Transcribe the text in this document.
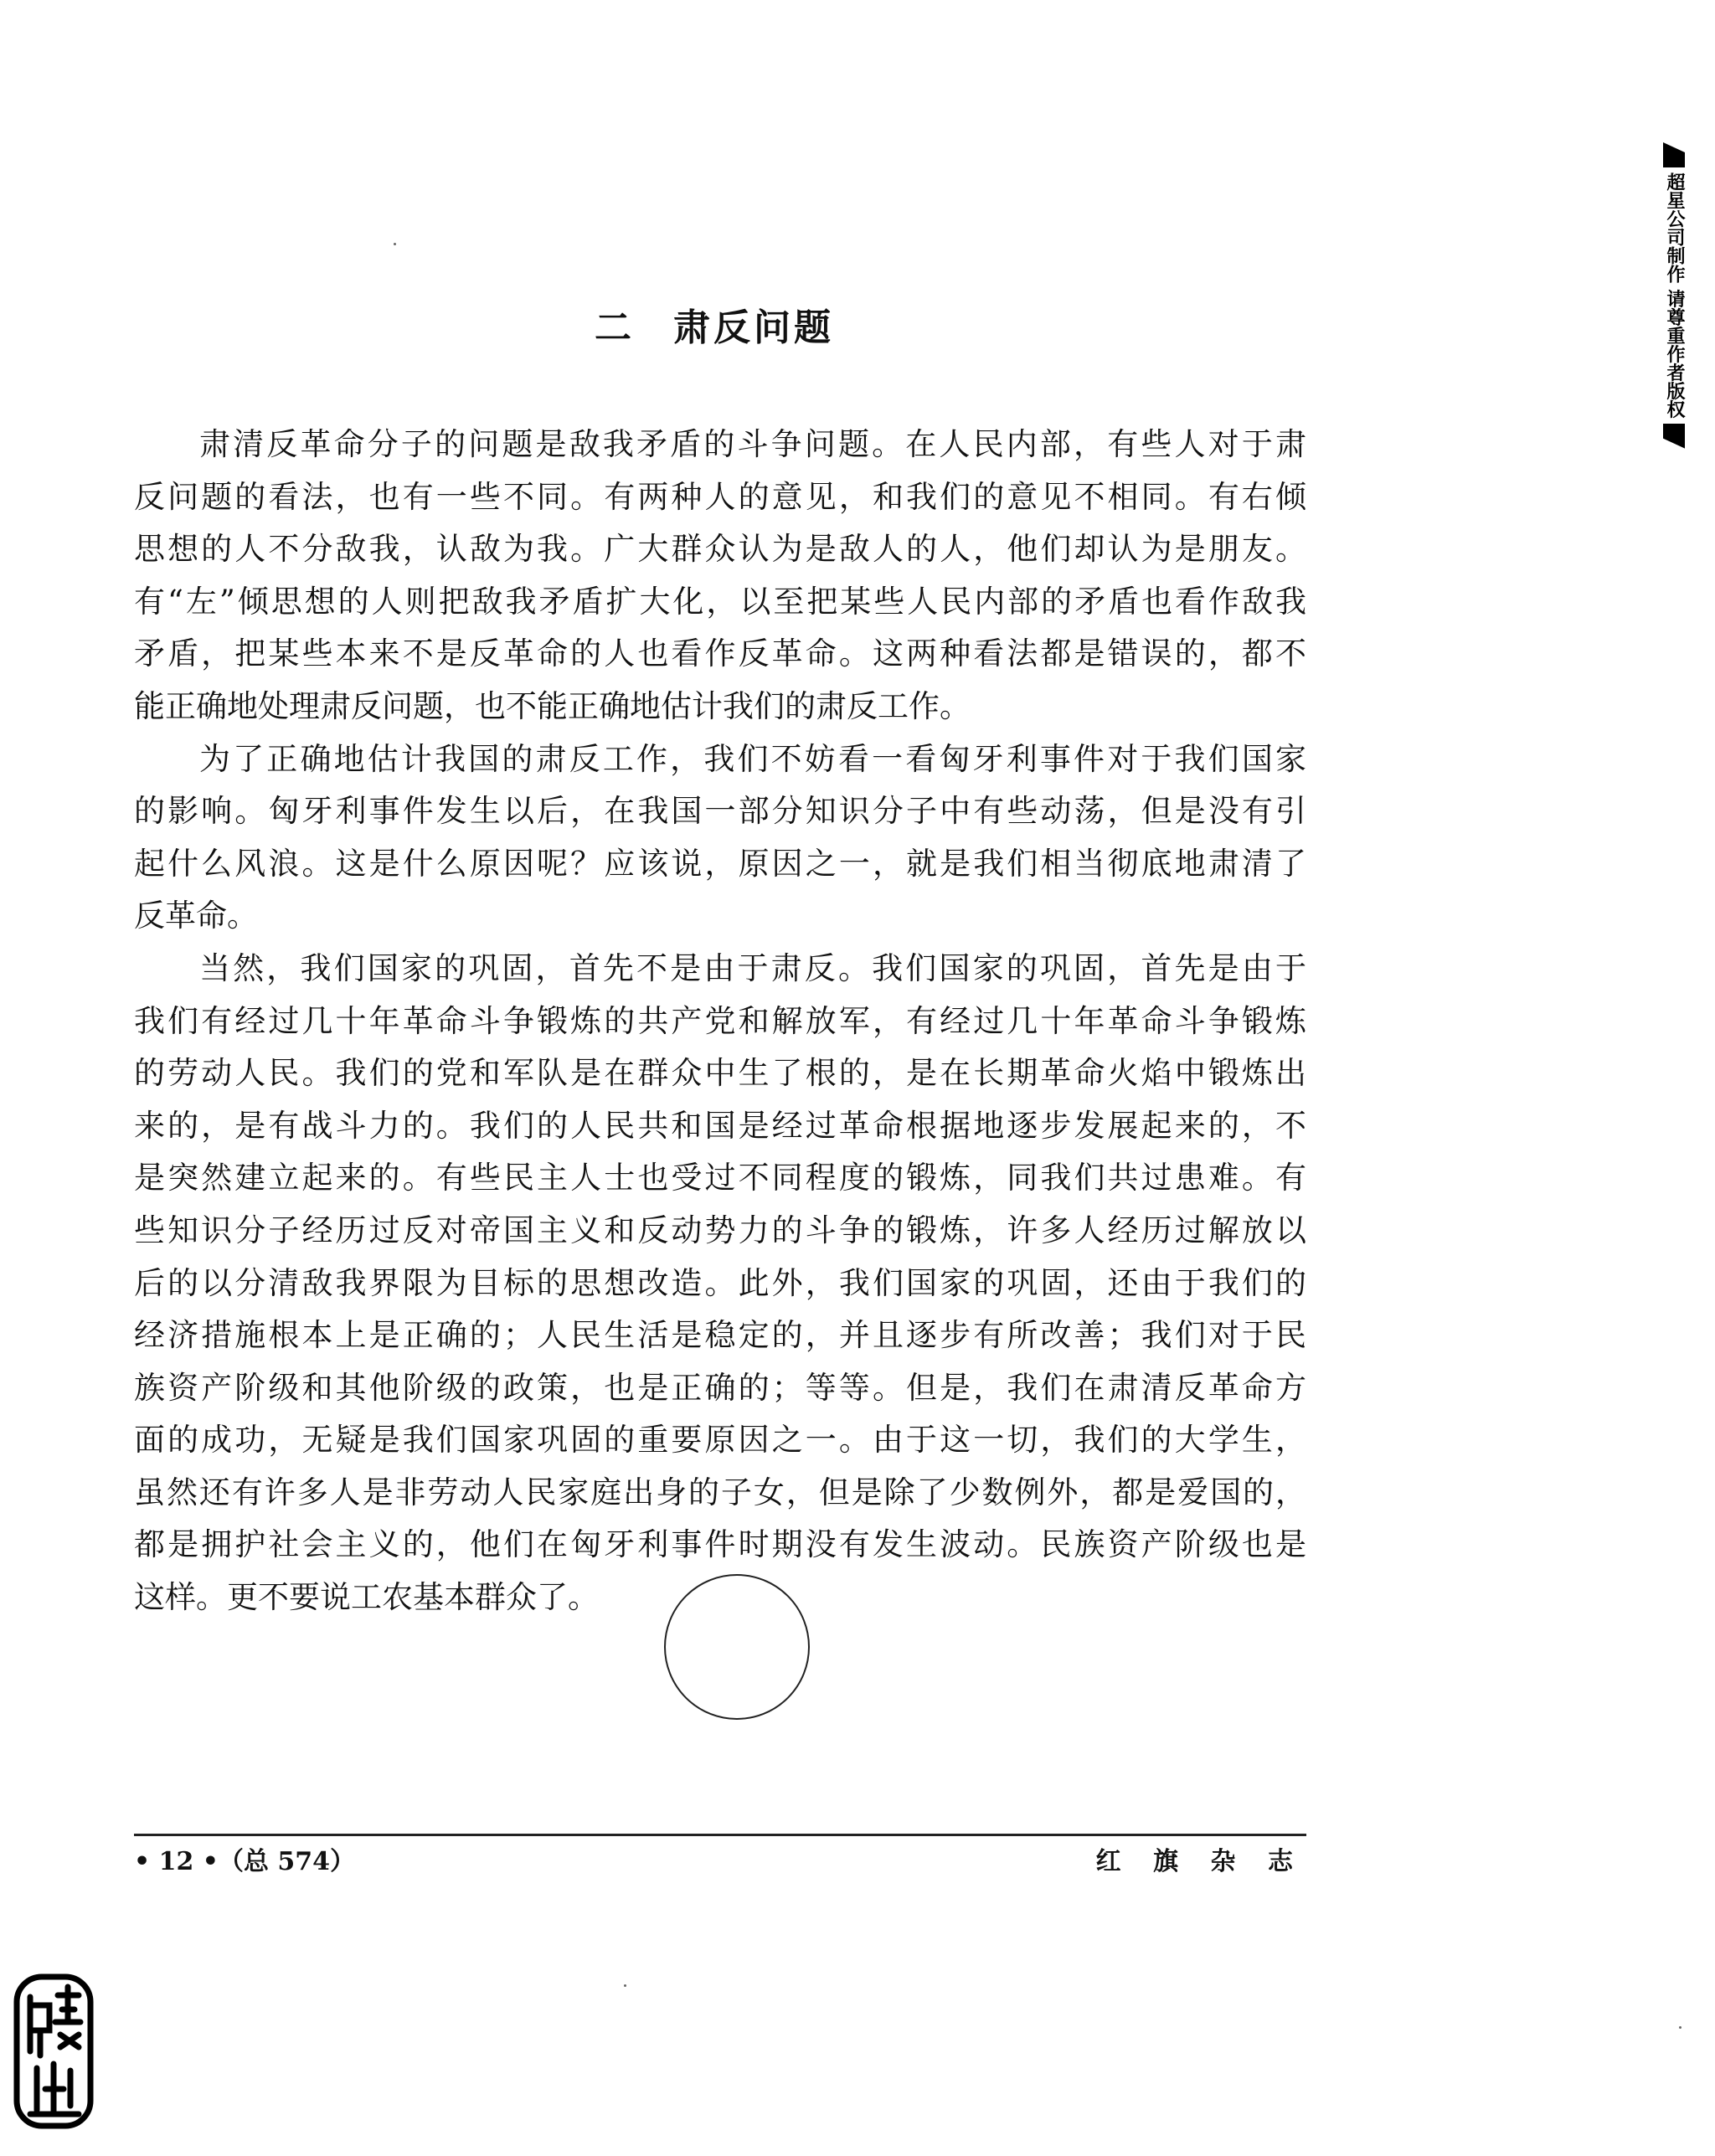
超星公司制作 请尊重作者版权
二 肃反问题
肃清反革命分子的问题是敌我矛盾的斗争问题。在人民内部，有些人对于肃
反问题的看法，也有一些不同。有两种人的意见，和我们的意见不相同。有右倾
思想的人不分敌我，认敌为我。广大群众认为是敌人的人，他们却认为是朋友。
有“左”倾思想的人则把敌我矛盾扩大化，以至把某些人民内部的矛盾也看作敌我
矛盾，把某些本来不是反革命的人也看作反革命。这两种看法都是错误的，都不
能正确地处理肃反问题，也不能正确地估计我们的肃反工作。
为了正确地估计我国的肃反工作，我们不妨看一看匈牙利事件对于我们国家
的影响。匈牙利事件发生以后，在我国一部分知识分子中有些动荡，但是没有引
起什么风浪。这是什么原因呢？应该说，原因之一，就是我们相当彻底地肃清了
反革命。
当然，我们国家的巩固，首先不是由于肃反。我们国家的巩固，首先是由于
我们有经过几十年革命斗争锻炼的共产党和解放军，有经过几十年革命斗争锻炼
的劳动人民。我们的党和军队是在群众中生了根的，是在长期革命火焰中锻炼出
来的，是有战斗力的。我们的人民共和国是经过革命根据地逐步发展起来的，不
是突然建立起来的。有些民主人士也受过不同程度的锻炼，同我们共过患难。有
些知识分子经历过反对帝国主义和反动势力的斗争的锻炼，许多人经历过解放以
后的以分清敌我界限为目标的思想改造。此外，我们国家的巩固，还由于我们的
经济措施根本上是正确的；人民生活是稳定的，并且逐步有所改善；我们对于民
族资产阶级和其他阶级的政策，也是正确的；等等。但是，我们在肃清反革命方
面的成功，无疑是我们国家巩固的重要原因之一。由于这一切，我们的大学生，
虽然还有许多人是非劳动人民家庭出身的子女，但是除了少数例外，都是爱国的，
都是拥护社会主义的，他们在匈牙利事件时期没有发生波动。民族资产阶级也是
这样。更不要说工农基本群众了。
• 12 •（总 574）	红 旗 杂 志
